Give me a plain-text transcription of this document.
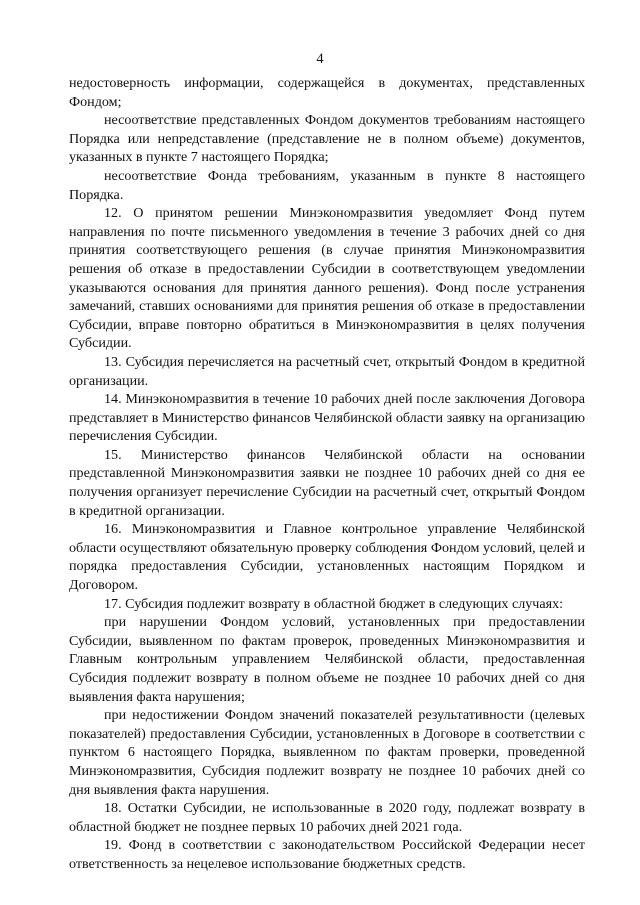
4

недостоверность информации, содержащейся в документах, представленных Фондом;

несоответствие представленных Фондом документов требованиям настоящего Порядка или непредставление (представление не в полном объеме) документов, указанных в пункте 7 настоящего Порядка;

несоответствие Фонда требованиям, указанным в пункте 8 настоящего Порядка.

12. О принятом решении Минэкономразвития уведомляет Фонд путем направления по почте письменного уведомления в течение 3 рабочих дней со дня принятия соответствующего решения (в случае принятия Минэкономразвития решения об отказе в предоставлении Субсидии в соответствующем уведомлении указываются основания для принятия данного решения). Фонд после устранения замечаний, ставших основаниями для принятия решения об отказе в предоставлении Субсидии, вправе повторно обратиться в Минэкономразвития в целях получения Субсидии.

13. Субсидия перечисляется на расчетный счет, открытый Фондом в кредитной организации.

14. Минэкономразвития в течение 10 рабочих дней после заключения Договора представляет в Министерство финансов Челябинской области заявку на организацию перечисления Субсидии.

15. Министерство финансов Челябинской области на основании представленной Минэкономразвития заявки не позднее 10 рабочих дней со дня ее получения организует перечисление Субсидии на расчетный счет, открытый Фондом в кредитной организации.

16. Минэкономразвития и Главное контрольное управление Челябинской области осуществляют обязательную проверку соблюдения Фондом условий, целей и порядка предоставления Субсидии, установленных настоящим Порядком и Договором.

17. Субсидия подлежит возврату в областной бюджет в следующих случаях:

при нарушении Фондом условий, установленных при предоставлении Субсидии, выявленном по фактам проверок, проведенных Минэкономразвития и Главным контрольным управлением Челябинской области, предоставленная Субсидия подлежит возврату в полном объеме не позднее 10 рабочих дней со дня выявления факта нарушения;

при недостижении Фондом значений показателей результативности (целевых показателей) предоставления Субсидии, установленных в Договоре в соответствии с пунктом 6 настоящего Порядка, выявленном по фактам проверки, проведенной Минэкономразвития, Субсидия подлежит возврату не позднее 10 рабочих дней со дня выявления факта нарушения.

18. Остатки Субсидии, не использованные в 2020 году, подлежат возврату в областной бюджет не позднее первых 10 рабочих дней 2021 года.

19. Фонд в соответствии с законодательством Российской Федерации несет ответственность за нецелевое использование бюджетных средств.
